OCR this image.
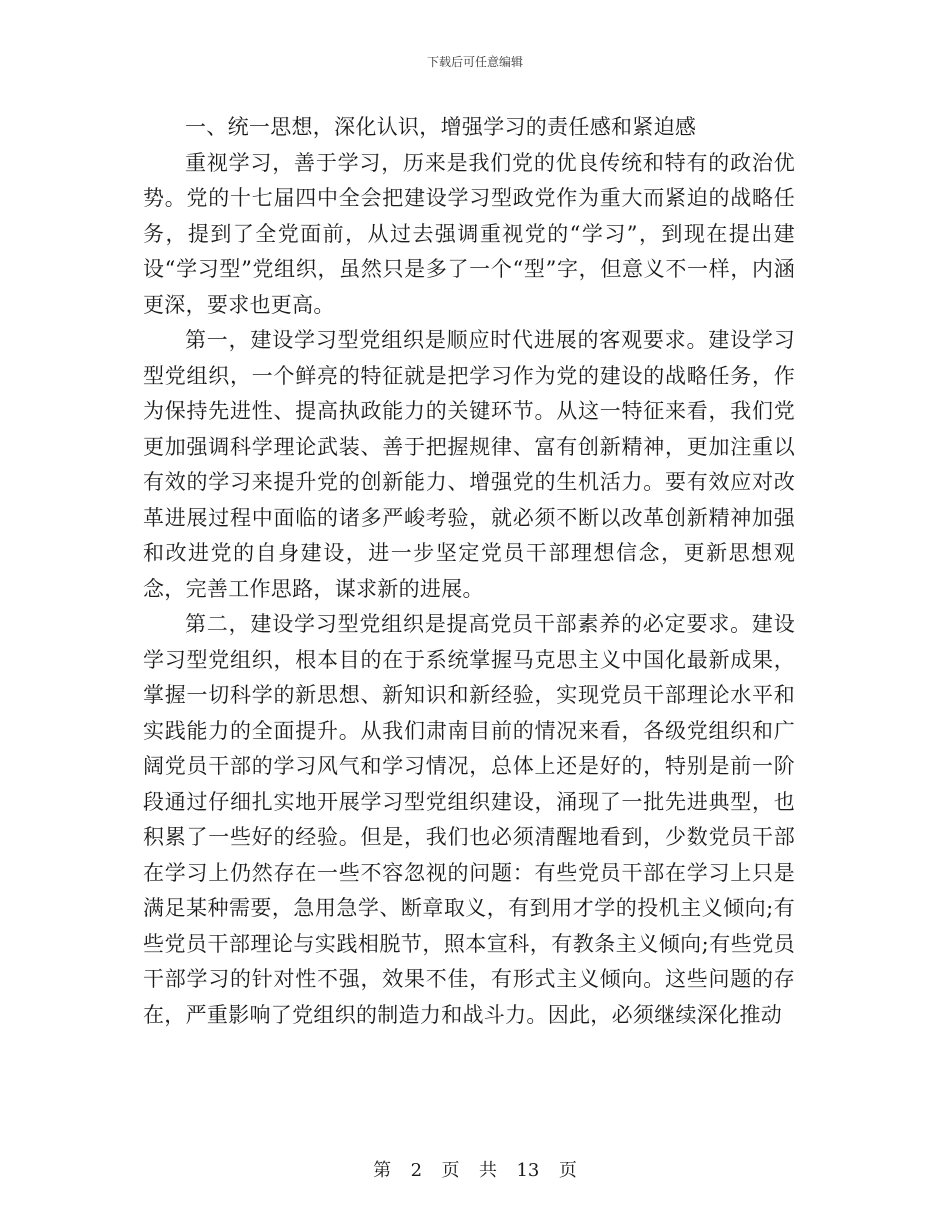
下载后可任意编辑

一、统一思想，深化认识，增强学习的责任感和紧迫感

重视学习，善于学习，历来是我们党的优良传统和特有的政治优势。党的十七届四中全会把建设学习型政党作为重大而紧迫的战略任务，提到了全党面前，从过去强调重视党的“学习”，到现在提出建设“学习型”党组织，虽然只是多了一个“型”字，但意义不一样，内涵更深，要求也更高。

第一，建设学习型党组织是顺应时代进展的客观要求。建设学习型党组织，一个鲜亮的特征就是把学习作为党的建设的战略任务，作为保持先进性、提高执政能力的关键环节。从这一特征来看，我们党更加强调科学理论武装、善于把握规律、富有创新精神，更加注重以有效的学习来提升党的创新能力、增强党的生机活力。要有效应对改革进展过程中面临的诸多严峻考验，就必须不断以改革创新精神加强和改进党的自身建设，进一步坚定党员干部理想信念，更新思想观念，完善工作思路，谋求新的进展。

第二，建设学习型党组织是提高党员干部素养的必定要求。建设学习型党组织，根本目的在于系统掌握马克思主义中国化最新成果，掌握一切科学的新思想、新知识和新经验，实现党员干部理论水平和实践能力的全面提升。从我们肃南目前的情况来看，各级党组织和广阔党员干部的学习风气和学习情况，总体上还是好的，特别是前一阶段通过仔细扎实地开展学习型党组织建设，涌现了一批先进典型，也积累了一些好的经验。但是，我们也必须清醒地看到，少数党员干部在学习上仍然存在一些不容忽视的问题：有些党员干部在学习上只是满足某种需要，急用急学、断章取义，有到用才学的投机主义倾向;有些党员干部理论与实践相脱节，照本宣科，有教条主义倾向;有些党员干部学习的针对性不强，效果不佳，有形式主义倾向。这些问题的存在，严重影响了党组织的制造力和战斗力。因此，必须继续深化推动

第 2 页 共 13 页
